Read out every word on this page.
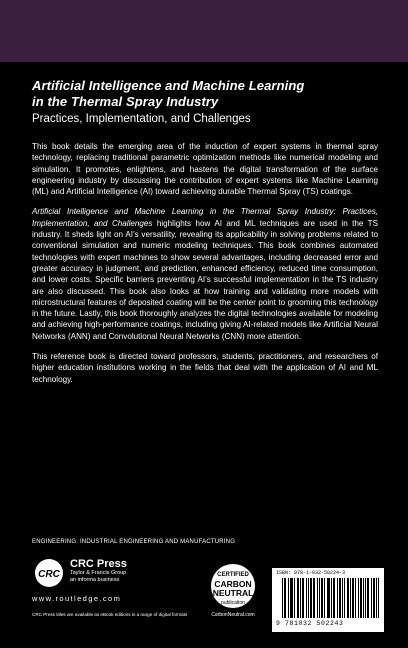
Artificial Intelligence and Machine Learning
in the Thermal Spray Industry
Practices, Implementation, and Challenges

This book details the emerging area of the induction of expert systems in thermal spray technology, replacing traditional parametric optimization methods like numerical modeling and simulation. It promotes, enlightens, and hastens the digital transformation of the surface engineering industry by discussing the contribution of expert systems like Machine Learning (ML) and Artificial Intelligence (AI) toward achieving durable Thermal Spray (TS) coatings.

Artificial Intelligence and Machine Learning in the Thermal Spray Industry: Practices, Implementation, and Challenges highlights how AI and ML techniques are used in the TS industry. It sheds light on AI’s versatility, revealing its applicability in solving problems related to conventional simulation and numeric modeling techniques. This book combines automated technologies with expert machines to show several advantages, including decreased error and greater accuracy in judgment, and prediction, enhanced efficiency, reduced time consumption, and lower costs. Specific barriers preventing AI’s successful implementation in the TS industry are also discussed. This book also looks at how training and validating more models with microstructural features of deposited coating will be the center point to grooming this technology in the future. Lastly, this book thoroughly analyzes the digital technologies available for modeling and achieving high-performance coatings, including giving AI-related models like Artificial Neural Networks (ANN) and Convolutional Neural Networks (CNN) more attention.

This reference book is directed toward professors, students, practitioners, and researchers of higher education institutions working in the fields that deal with the application of AI and ML technology.

ENGINEERING: INDUSTRIAL ENGINEERING AND MANUFACTURING
CRC
CRC Press
Taylor & Francis Group
an informa business
www.routledge.com
CRC Press titles are available as eBook editions in a range of digital formats
CERTIFIED
CARBON
NEUTRAL
publication
CarbonNeutral.com
ISBN: 978-1-032-50224-3
9 781032 502243
